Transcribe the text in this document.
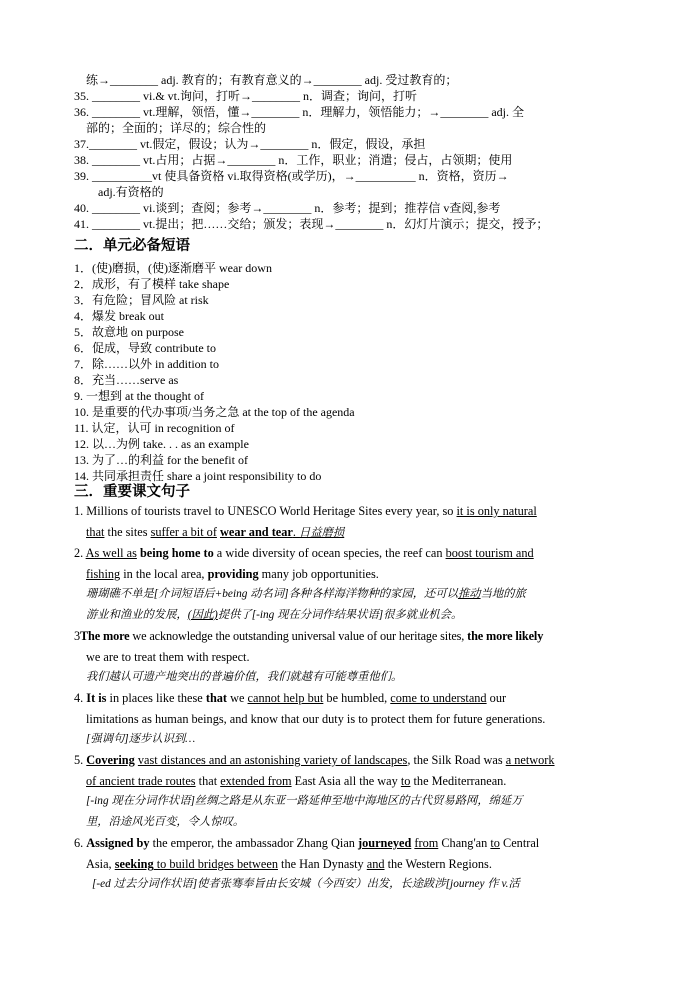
练→________ adj. 教育的；有教育意义的→________ adj. 受过教育的；
35. ________ vi.& vt.询问，打听→________ n．调查；询问，打听
36. ________ vt.理解，领悟，懂→________ n．理解力，领悟能力；→________ adj. 全
部的；全面的；详尽的；综合性的
37.________ vt.假定，假设；认为→________ n．假定，假设，承担
38. ________ vt.占用；占据→________ n．工作，职业；消遣；侵占，占领期；使用
39. __________vt 使具备资格 vi.取得资格(或学历)，→__________ n．资格，资历→
adj.有资格的
40. ________ vi.谈到；查阅；参考→________ n．参考；提到；推荐信 v查阅,参考
41. ________ vt.提出；把……交给；颁发；表现→________ n．幻灯片演示；提交，授予；
二．单元必备短语
1．(使)磨损，(使)逐渐磨平 wear down
2．成形，有了模样 take shape
3．有危险；冒风险 at risk
4．爆发 break out
5．故意地 on purpose
6．促成，导致 contribute to
7．除……以外 in addition to
8．充当……serve as
9. 一想到 at the thought of
10. 是重要的代办事项/当务之急 at the top of the agenda
11. 认定，认可 in recognition of
12. 以…为例 take. . . as an example
13. 为了…的利益 for the benefit of
14. 共同承担责任 share a joint responsibility to do
三．重要课文句子
1. Millions of tourists travel to UNESCO World Heritage Sites every year, so it is only natural
that the sites suffer a bit of wear and tear. 日益磨损
2. As well as being home to a wide diversity of ocean species, the reef can boost tourism and
fishing in the local area, providing many job opportunities.
珊瑚礁不单是[介词短语后+being 动名词]各种各样海洋物种的家园，还可以推动当地的旅
游业和渔业的发展，(因此)提供了[-ing 现在分词作结果状语]很多就业机会。
3The more we acknowledge the outstanding universal value of our heritage sites, the more likely
we are to treat them with respect.
我们越认可遗产地突出的普遍价值，我们就越有可能尊重他们。
4. It is in places like these that we cannot help but be humbled, come to understand our
limitations as human beings, and know that our duty is to protect them for future generations.
[强调句]逐步认识到…
5. Covering vast distances and an astonishing variety of landscapes, the Silk Road was a network
of ancient trade routes that extended from East Asia all the way to the Mediterranean.
[-ing 现在分词作状语]丝绸之路是从东亚一路延伸至地中海地区的古代贸易路网，绵延万
里，沿途风光百变，令人惊叹。
6. Assigned by the emperor, the ambassador Zhang Qian journeyed from Chang'an to Central
Asia, seeking to build bridges between the Han Dynasty and the Western Regions.
[-ed 过去分词作状语]使者张骞奉旨由长安城（今西安）出发，长途跋涉[journey 作 v.活
